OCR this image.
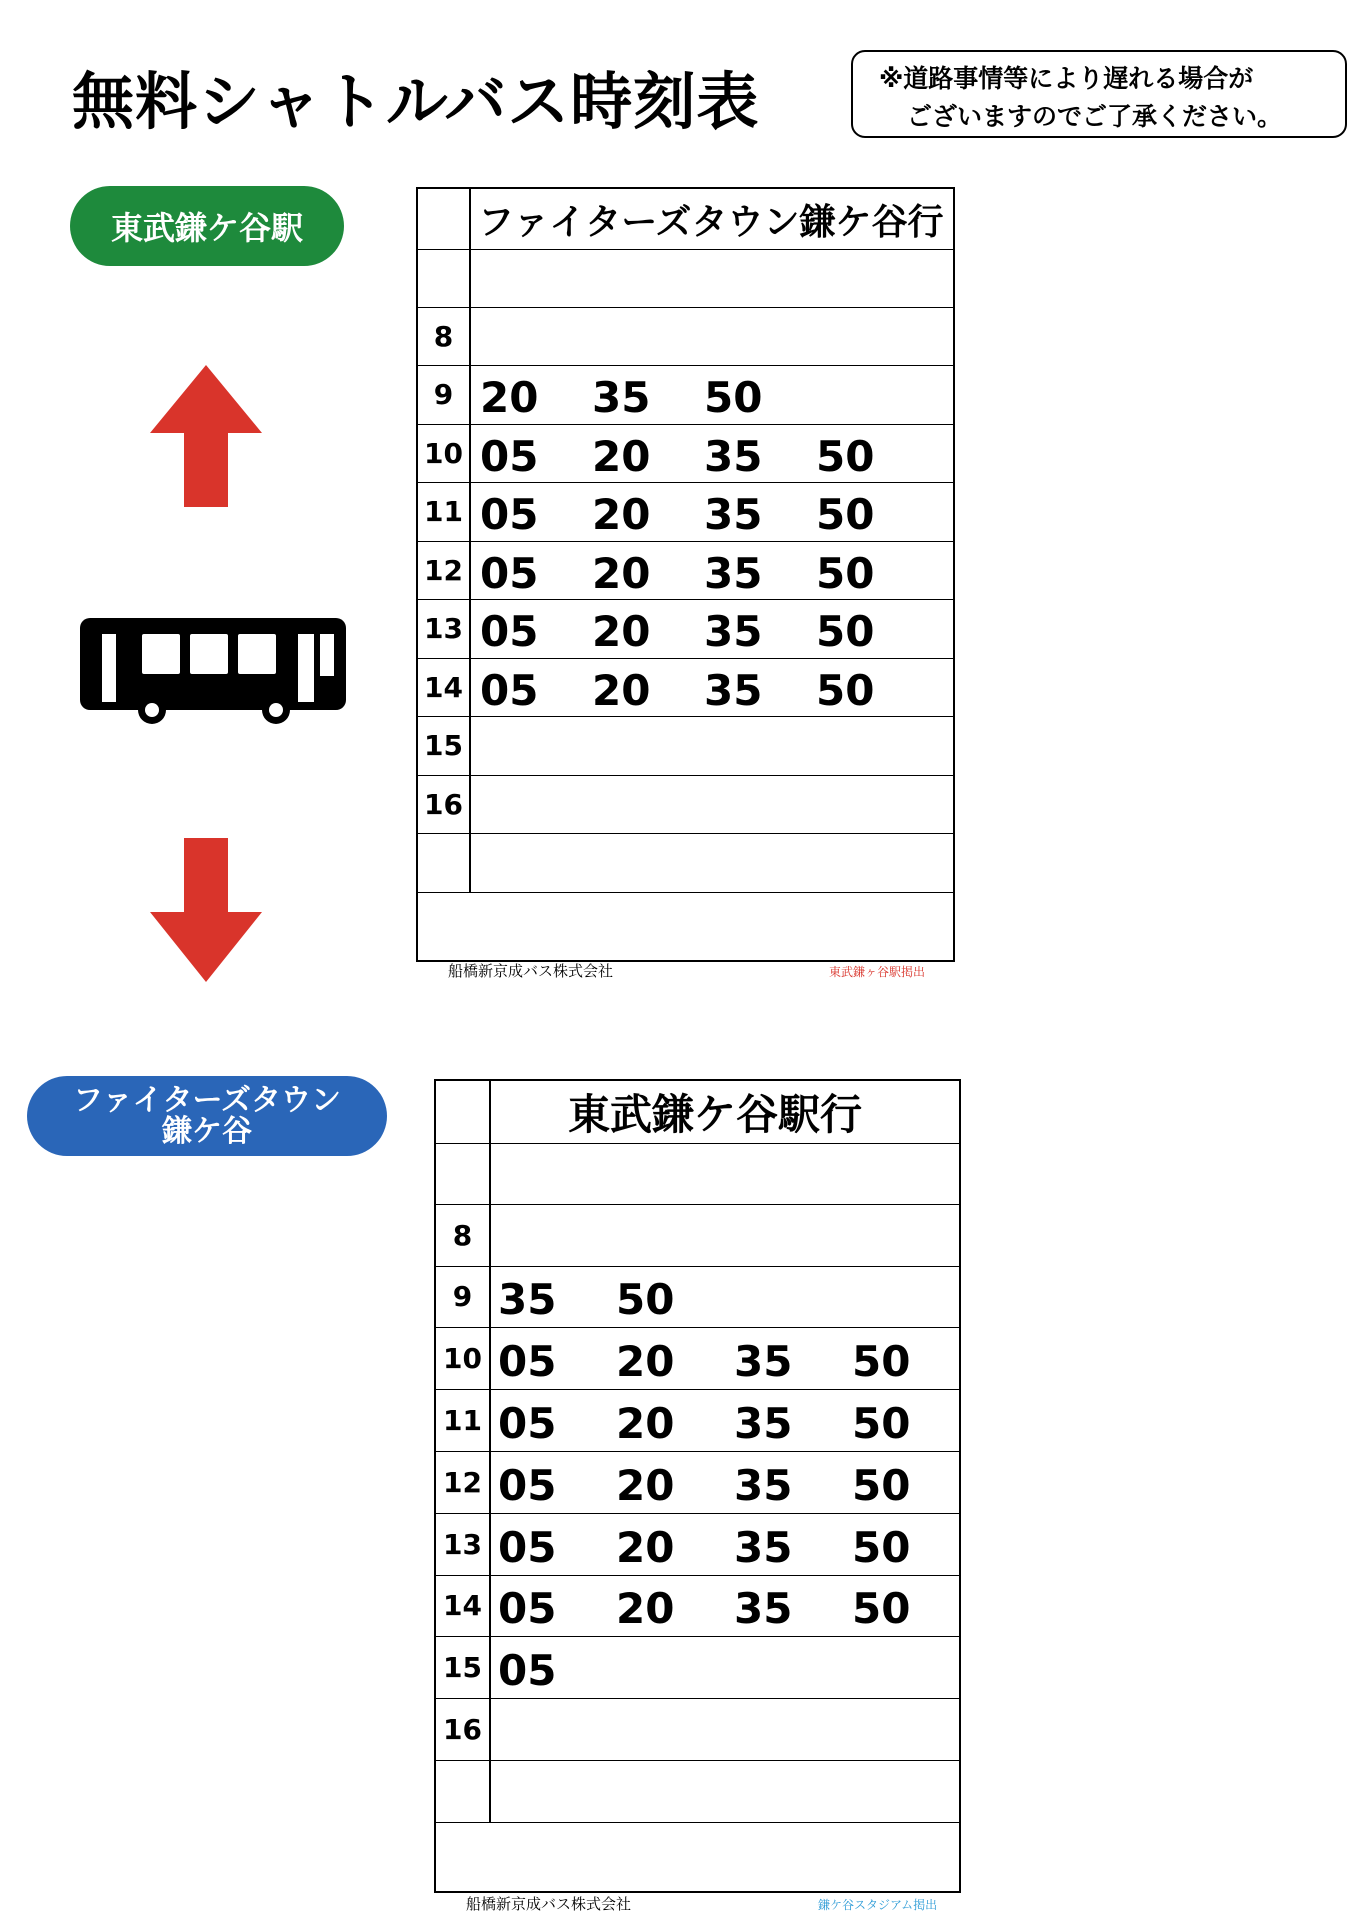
無料シャトルバス時刻表	※道路事情等により遅れる場合が
ございますのでご了承ください。
東武鎌ケ谷駅
ファイターズタウン
鎌ケ谷
ファイターズタウン鎌ケ谷行
8
9 20 35 50
10 05 20 35 50
11 05 20 35 50
12 05 20 35 50
13 05 20 35 50
14 05 20 35 50
15
16
船橋新京成バス株式会社	東武鎌ヶ谷駅掲出
東武鎌ケ谷駅行
8
9 35 50
10 05 20 35 50
11 05 20 35 50
12 05 20 35 50
13 05 20 35 50
14 05 20 35 50
15 05
16
船橋新京成バス株式会社	鎌ケ谷スタジアム掲出
